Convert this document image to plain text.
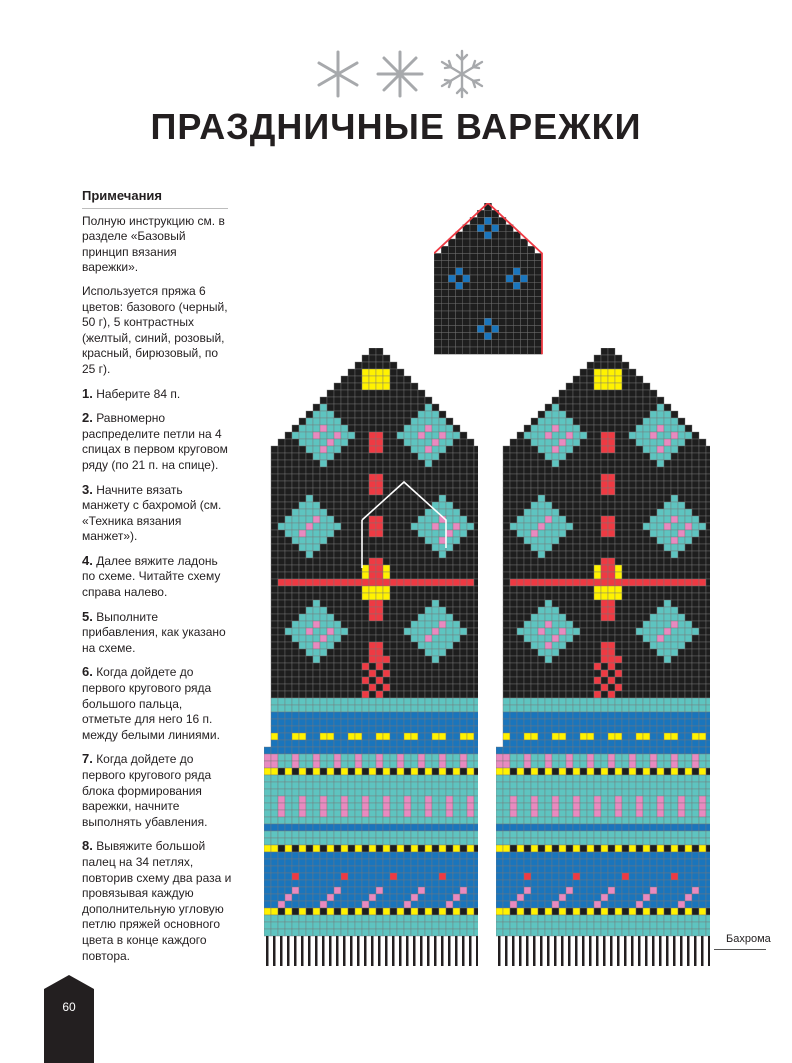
ПРАЗДНИЧНЫЕ ВАРЕЖКИ
Примечания

Полную инструкцию см. в разделе «Базовый принцип вязания варежки».

Используется пряжа 6 цветов: базового (черный, 50 г), 5 контрастных (желтый, синий, розовый, красный, бирюзовый, по 25 г).

1. Наберите 84 п.

2. Равномерно распределите петли на 4 спицах в первом круговом ряду (по 21 п. на спице).

3. Начните вязать манжету с бахромой (см. «Техника вязания манжет»).

4. Далее вяжите ладонь по схеме. Читайте схему справа налево.

5. Выполните прибавления, как указано на схеме.

6. Когда дойдете до первого кругового ряда большого пальца, отметьте для него 16 п. между белыми линиями.

7. Когда дойдете до первого кругового ряда блока формирования варежки, начните выполнять убавления.

8. Вывяжите большой палец на 34 петлях, повторив схему два раза и провязывая каждую дополнительную угловую петлю пряжей основного цвета в конце каждого повтора.

Бахрома
60
